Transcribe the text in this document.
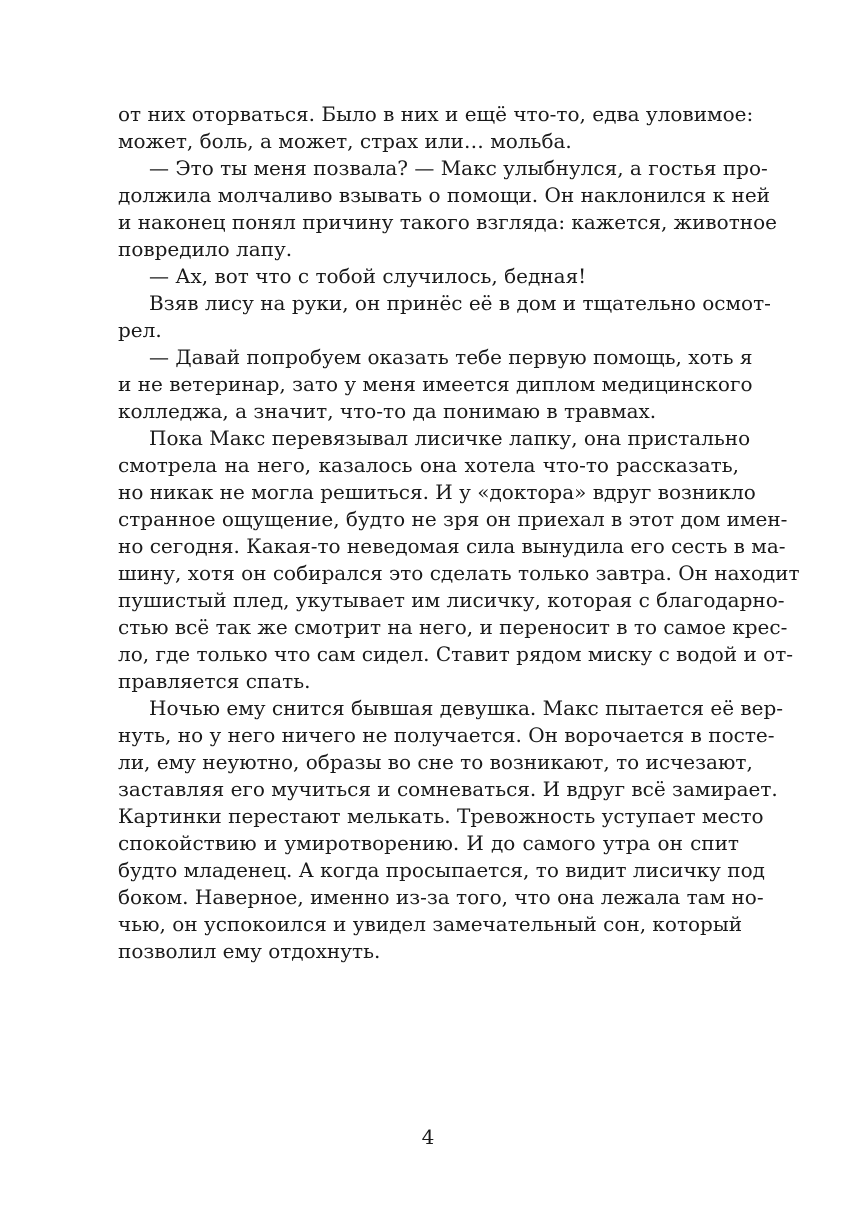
от них оторваться. Было в них и ещё что-то, едва уловимое:
может, боль, а может, страх или… мольба.
— Это ты меня позвала? — Макс улыбнулся, а гостья про-
должила молчаливо взывать о помощи. Он наклонился к ней
и наконец понял причину такого взгляда: кажется, животное
повредило лапу.
— Ах, вот что с тобой случилось, бедная!
Взяв лису на руки, он принёс её в дом и тщательно осмот-
рел.
— Давай попробуем оказать тебе первую помощь, хоть я
и не ветеринар, зато у меня имеется диплом медицинского
колледжа, а значит, что-то да понимаю в травмах.
Пока Макс перевязывал лисичке лапку, она пристально
смотрела на него, казалось она хотела что-то рассказать,
но никак не могла решиться. И у «доктора» вдруг возникло
странное ощущение, будто не зря он приехал в этот дом имен-
но сегодня. Какая-то неведомая сила вынудила его сесть в ма-
шину, хотя он собирался это сделать только завтра. Он находит
пушистый плед, укутывает им лисичку, которая с благодарно-
стью всё так же смотрит на него, и переносит в то самое крес-
ло, где только что сам сидел. Ставит рядом миску с водой и от-
правляется спать.
Ночью ему снится бывшая девушка. Макс пытается её вер-
нуть, но у него ничего не получается. Он ворочается в посте-
ли, ему неуютно, образы во сне то возникают, то исчезают,
заставляя его мучиться и сомневаться. И вдруг всё замирает.
Картинки перестают мелькать. Тревожность уступает место
спокойствию и умиротворению. И до самого утра он спит
будто младенец. А когда просыпается, то видит лисичку под
боком. Наверное, именно из-за того, что она лежала там но-
чью, он успокоился и увидел замечательный сон, который
позволил ему отдохнуть.
4
